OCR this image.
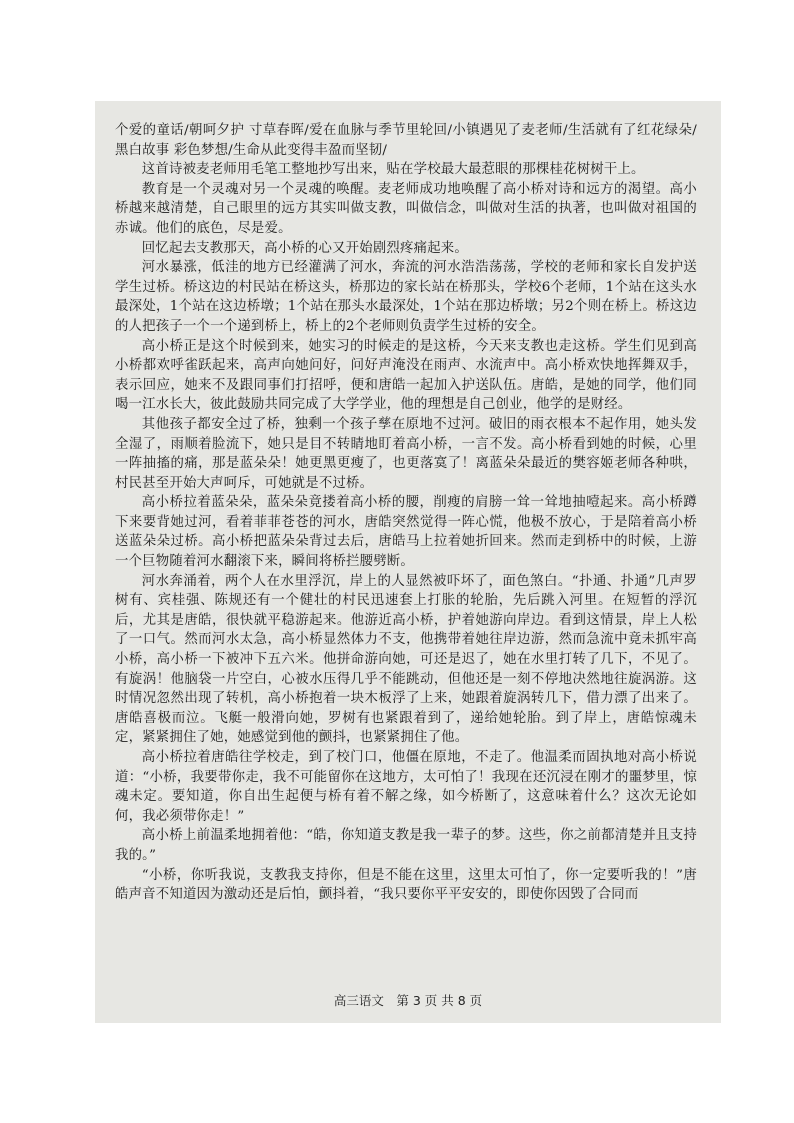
个爱的童话/朝呵夕护 寸草春晖/爱在血脉与季节里轮回/小镇遇见了麦老师/生活就有了红花绿朵/黑白故事 彩色梦想/生命从此变得丰盈而坚韧/

这首诗被麦老师用毛笔工整地抄写出来，贴在学校最大最惹眼的那棵桂花树树干上。

教育是一个灵魂对另一个灵魂的唤醒。麦老师成功地唤醒了高小桥对诗和远方的渴望。高小桥越来越清楚，自己眼里的远方其实叫做支教，叫做信念，叫做对生活的执著，也叫做对祖国的赤诚。他们的底色，尽是爱。

回忆起去支教那天，高小桥的心又开始剧烈疼痛起来。

河水暴涨，低洼的地方已经灌满了河水，奔流的河水浩浩荡荡，学校的老师和家长自发护送学生过桥。桥这边的村民站在桥这头，桥那边的家长站在桥那头，学校6个老师，1个站在这头水最深处，1个站在这边桥墩；1个站在那头水最深处，1个站在那边桥墩；另2个则在桥上。桥这边的人把孩子一个一个递到桥上，桥上的2个老师则负责学生过桥的安全。

高小桥正是这个时候到来，她实习的时候走的是这桥，今天来支教也走这桥。学生们见到高小桥都欢呼雀跃起来，高声向她问好，问好声淹没在雨声、水流声中。高小桥欢快地挥舞双手，表示回应，她来不及跟同事们打招呼，便和唐皓一起加入护送队伍。唐皓，是她的同学，他们同喝一江水长大，彼此鼓励共同完成了大学学业，他的理想是自己创业，他学的是财经。

其他孩子都安全过了桥，独剩一个孩子孳在原地不过河。破旧的雨衣根本不起作用，她头发全湿了，雨顺着脸流下，她只是目不转睛地盯着高小桥，一言不发。高小桥看到她的时候，心里一阵抽搐的痛，那是蓝朵朵！她更黑更瘦了，也更落寞了！离蓝朵朵最近的樊容姬老师各种哄，村民甚至开始大声呵斥，可她就是不过桥。

高小桥拉着蓝朵朵，蓝朵朵竟搂着高小桥的腰，削瘦的肩膀一耸一耸地抽噎起来。高小桥蹲下来要背她过河，看着菲菲苍苍的河水，唐皓突然觉得一阵心慌，他极不放心，于是陪着高小桥送蓝朵朵过桥。高小桥把蓝朵朵背过去后，唐皓马上拉着她折回来。然而走到桥中的时候，上游一个巨物随着河水翻滚下来，瞬间将桥拦腰劈断。

河水奔涌着，两个人在水里浮沉，岸上的人显然被吓坏了，面色煞白。“扑通、扑通”几声罗树有、宾桂强、陈规还有一个健壮的村民迅速套上打胀的轮胎，先后跳入河里。在短暂的浮沉后，尤其是唐皓，很快就平稳游起来。他游近高小桥，护着她游向岸边。看到这情景，岸上人松了一口气。然而河水太急，高小桥显然体力不支，他携带着她往岸边游，然而急流中竟未抓牢高小桥，高小桥一下被冲下五六米。他拼命游向她，可还是迟了，她在水里打转了几下，不见了。有旋涡！他脑袋一片空白，心被水压得几乎不能跳动，但他还是一刻不停地决然地往旋涡游。这时情况忽然出现了转机，高小桥抱着一块木板浮了上来，她跟着旋涡转几下，借力漂了出来了。唐皓喜极而泣。飞艇一般滑向她，罗树有也紧跟着到了，递给她轮胎。到了岸上，唐皓惊魂未定，紧紧拥住了她，她感觉到他的颤抖，也紧紧拥住了他。

高小桥拉着唐皓往学校走，到了校门口，他僵在原地，不走了。他温柔而固执地对高小桥说道：“小桥，我要带你走，我不可能留你在这地方，太可怕了！我现在还沉浸在刚才的噩梦里，惊魂未定。要知道，你自出生起便与桥有着不解之缘，如今桥断了，这意味着什么？这次无论如何，我必须带你走！”

高小桥上前温柔地拥着他：“皓，你知道支教是我一辈子的梦。这些，你之前都清楚并且支持我的。”

“小桥，你听我说，支教我支持你，但是不能在这里，这里太可怕了，你一定要听我的！”唐皓声音不知道因为激动还是后怕，颤抖着，“我只要你平平安安的，即使你因毁了合同而

高三语文　第 3 页 共 8 页
